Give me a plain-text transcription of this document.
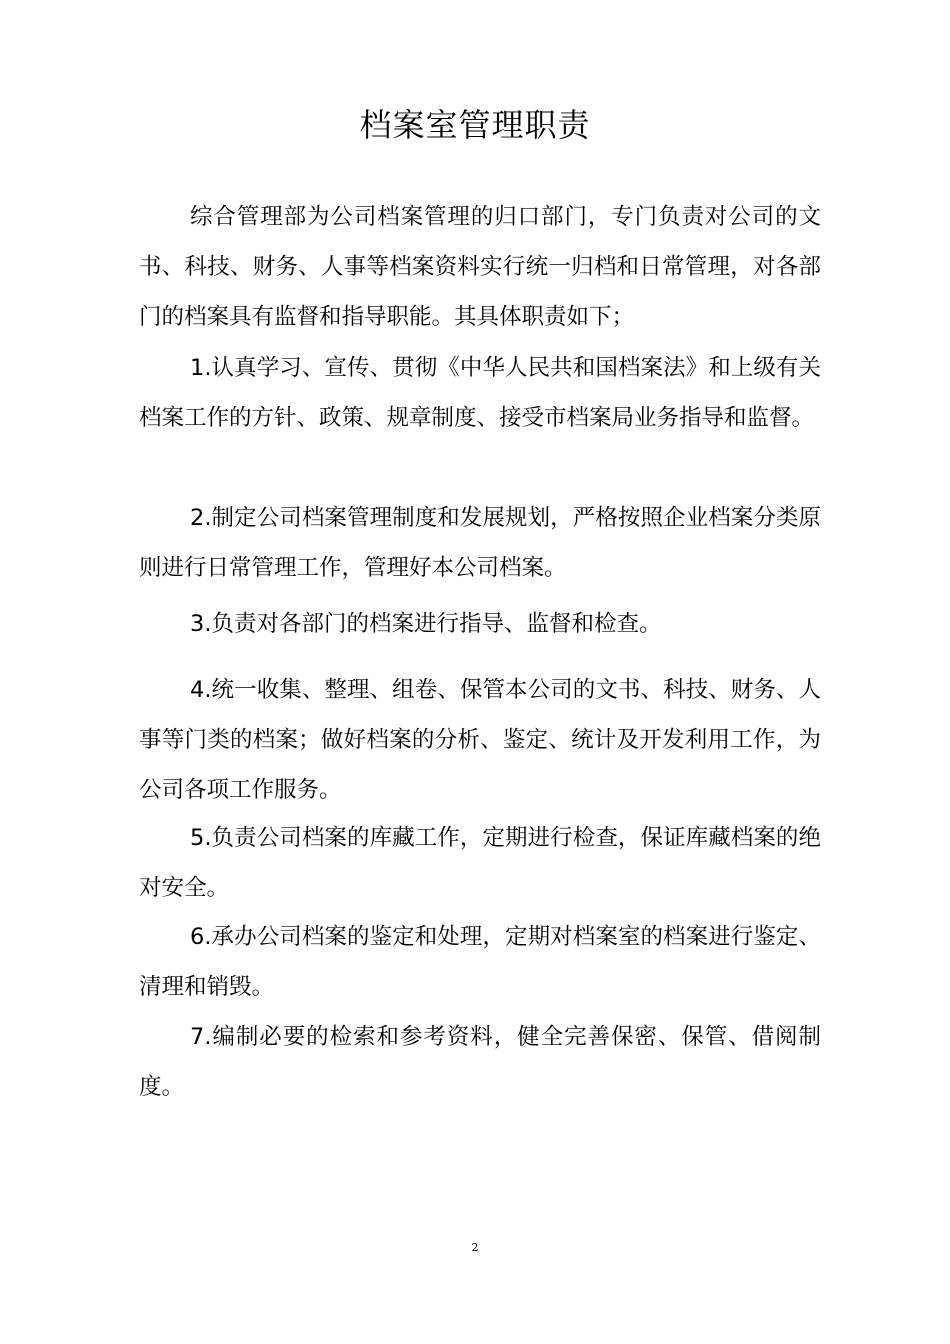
档案室管理职责

综合管理部为公司档案管理的归口部门，专门负责对公司的文书、科技、财务、人事等档案资料实行统一归档和日常管理，对各部门的档案具有监督和指导职能。其具体职责如下；

1.认真学习、宣传、贯彻《中华人民共和国档案法》和上级有关档案工作的方针、政策、规章制度、接受市档案局业务指导和监督。

2.制定公司档案管理制度和发展规划，严格按照企业档案分类原则进行日常管理工作，管理好本公司档案。

3.负责对各部门的档案进行指导、监督和检查。

4.统一收集、整理、组卷、保管本公司的文书、科技、财务、人事等门类的档案；做好档案的分析、鉴定、统计及开发利用工作，为公司各项工作服务。

5.负责公司档案的库藏工作，定期进行检查，保证库藏档案的绝对安全。

6.承办公司档案的鉴定和处理，定期对档案室的档案进行鉴定、清理和销毁。

7.编制必要的检索和参考资料，健全完善保密、保管、借阅制度。

2
